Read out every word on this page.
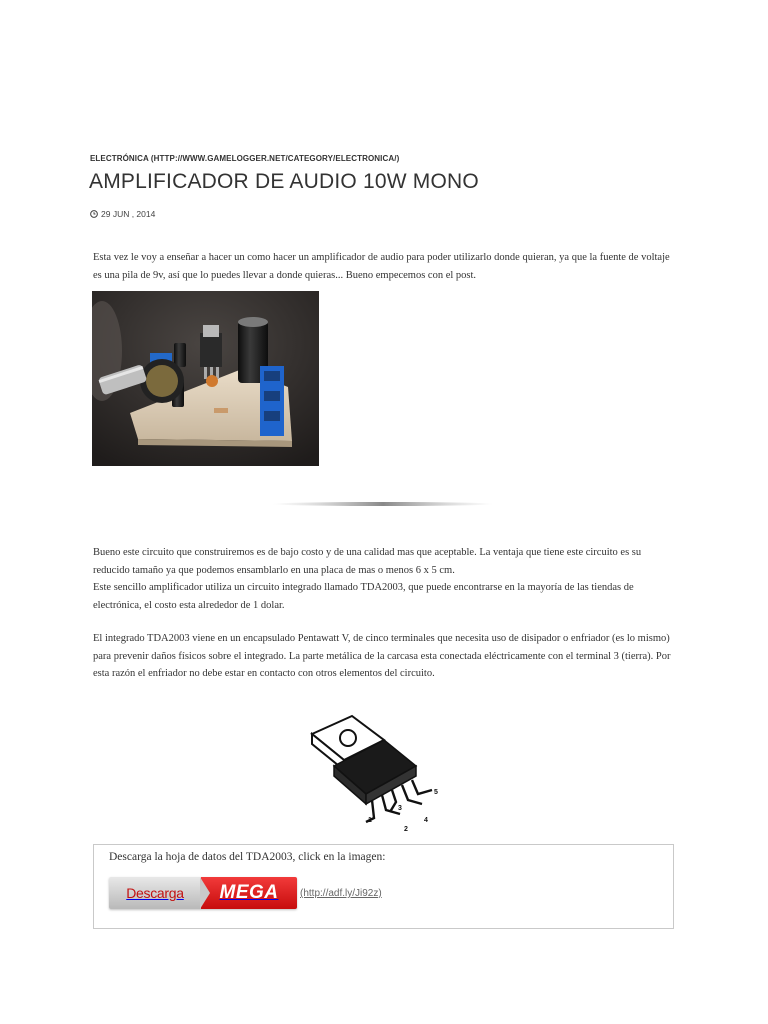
ELECTRÓNICA (HTTP://WWW.GAMELOGGER.NET/CATEGORY/ELECTRONICA/)
AMPLIFICADOR DE AUDIO 10W MONO
29 JUN , 2014

Esta vez le voy a enseñar a hacer un como hacer un amplificador de audio para poder utilizarlo donde quieran, ya que la fuente de voltaje es una pila de 9v, así que lo puedes llevar a donde quieras... Bueno empecemos con el post.

Bueno este circuito que construiremos es de bajo costo y de una calidad mas que aceptable. La ventaja que tiene este circuito es su reducido tamaño ya que podemos ensamblarlo en una placa de mas o menos 6 x 5 cm.

Este sencillo amplificador utiliza un circuito integrado llamado TDA2003, que puede encontrarse en la mayoría de las tiendas de electrónica, el costo esta alrededor de 1 dolar.

El integrado TDA2003 viene en un encapsulado Pentawatt V, de cinco terminales que necesita uso de disipador o enfriador (es lo mismo) para prevenir daños físicos sobre el integrado. La parte metálica de la carcasa esta conectada eléctricamente con el terminal 3 (tierra). Por esta razón el enfriador no debe estar en contacto con otros elementos del circuito.

1
2
3
4
5
Descarga la hoja de datos del TDA2003, click en la imagen:
Descarga	MEGA	(http://adf.ly/Ji92z)
